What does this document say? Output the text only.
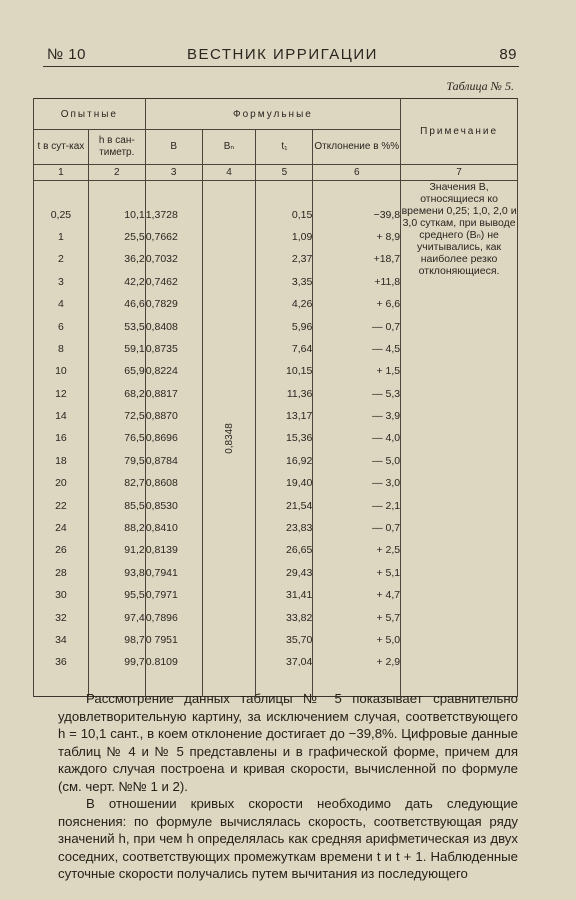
№ 10	ВЕСТНИК ИРРИГАЦИИ	89
Таблица № 5.
Опытные		Формульные				Примечание
t в сут-ках	h в сан-тиметр.	B	Bₙ	t₁	Отклонение в %%	
1	2	3	4	5	6	7
			0,8348			Значения B, относящиеся ко времени 0,25; 1,0, 2,0 и 3,0 суткам, при выводе среднего (Bₙ) не учитывались, как наиболее резко отклоняющиеся.
0,25	10,1	1,3728		0,15	−39,8	
1	25,5	0,7662		1,09	+ 8,9	
2	36,2	0,7032		2,37	+18,7	
3	42,2	0,7462		3,35	+11,8	
4	46,6	0,7829		4,26	+ 6,6	
6	53,5	0,8408		5,96	— 0,7	
8	59,1	0,8735		7,64	— 4,5	
10	65,9	0,8224		10,15	+ 1,5	
12	68,2	0,8817		11,36	— 5,3	
14	72,5	0,8870		13,17	— 3,9	
16	76,5	0,8696		15,36	— 4,0	
18	79,5	0,8784		16,92	— 5,0	
20	82,7	0,8608		19,40	— 3,0	
22	85,5	0,8530		21,54	— 2,1	
24	88,2	0,8410		23,83	— 0,7	
26	91,2	0,8139		26,65	+ 2,5	
28	93,8	0,7941		29,43	+ 5,1	
30	95,5	0,7971		31,41	+ 4,7	
32	97,4	0,7896		33,82	+ 5,7	
34	98,7	0 7951		35,70	+ 5,0	
36	99,7	0.8109		37,04	+ 2,9	

Рассмотрение данных таблицы № 5 показывает сравнительно удовлетворительную картину, за исключением случая, соответствующего h = 10,1 сант., в коем отклонение достигает до −39,8%. Цифровые данные таблиц № 4 и № 5 представлены и в графической форме, причем для каждого случая построена и кривая скорости, вычисленной по формуле (см. черт. №№ 1 и 2).

В отношении кривых скорости необходимо дать следующие пояснения: по формуле вычислялась скорость, соответствующая ряду значений h, при чем h определялась как средняя арифметическая из двух соседних, соответствующих промежуткам времени t и t + 1. Наблюденные суточные скорости получались путем вычитания из последующего
